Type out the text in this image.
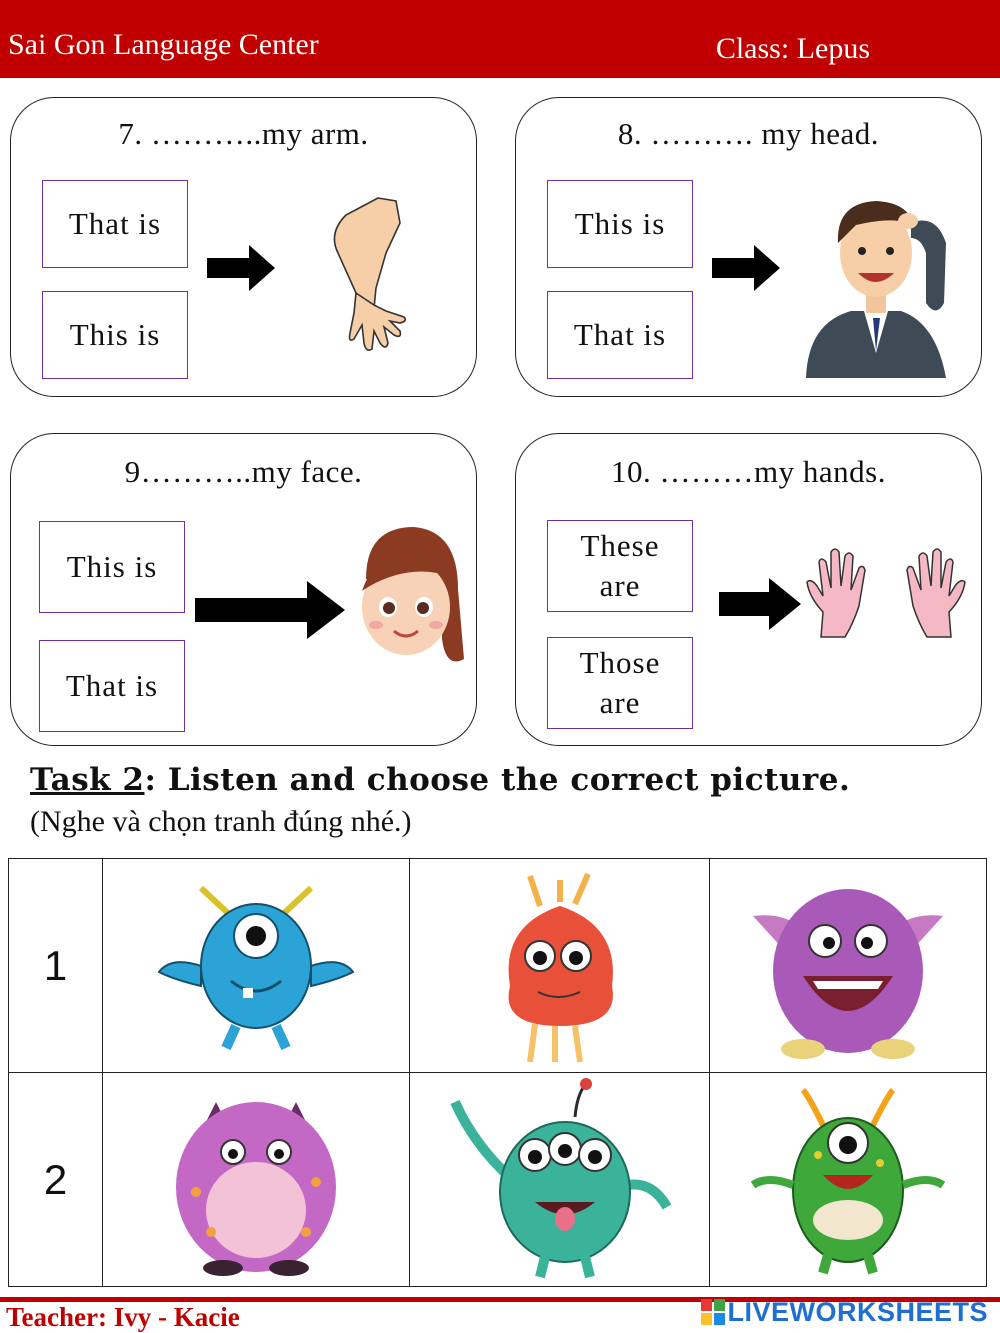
Sai Gon Language Center	Class: Lepus
7. ………..my arm.
That is
This is
8. ………. my head.
This is
That is
9………..my face.
This is
That is
10. ………my hands.
These are
Those are
Task 2: Listen and choose the correct picture.
(Nghe và chọn tranh đúng nhé.)
1	

2	

Teacher: Ivy - Kacie	LIVEWORKSHEETS
